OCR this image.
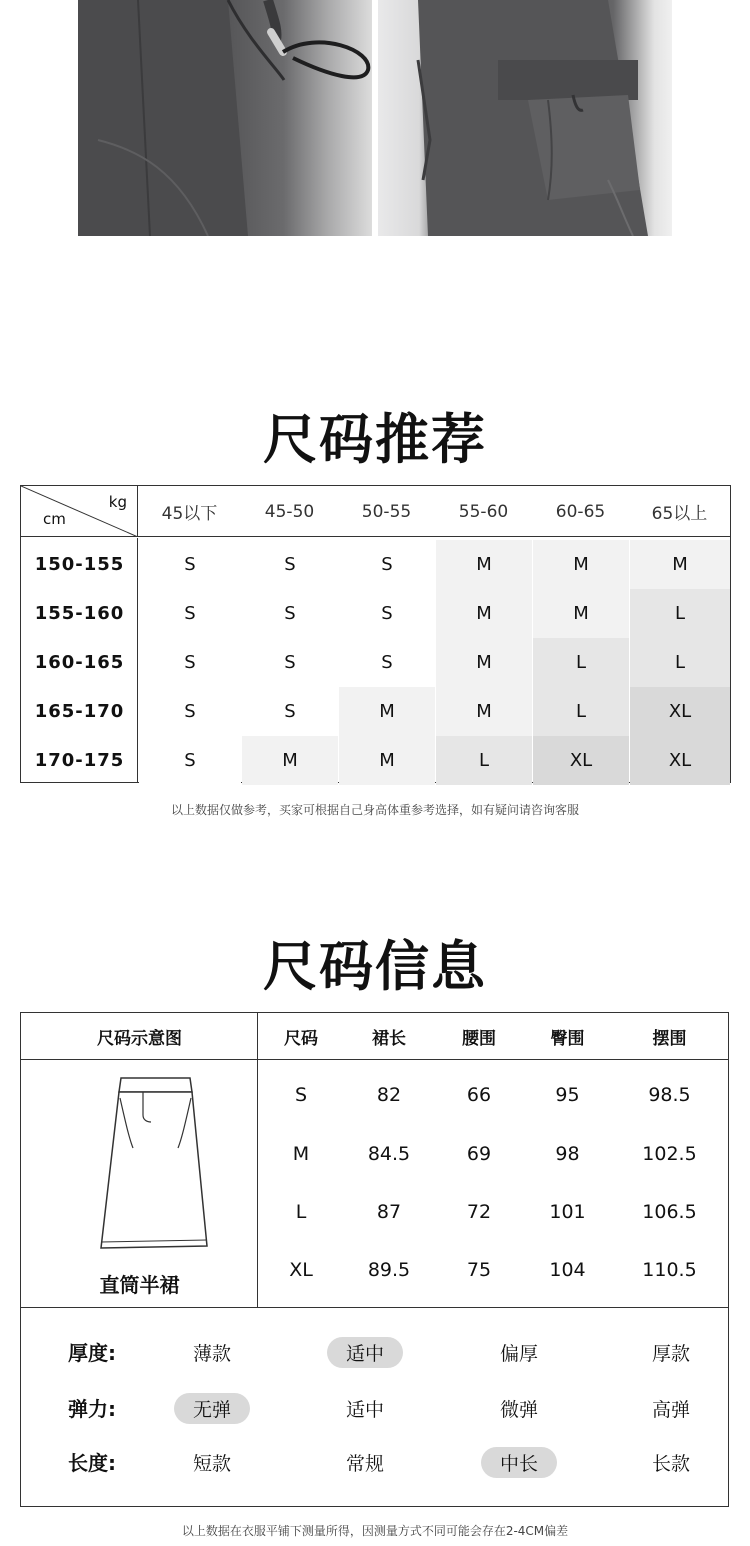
尺码推荐
kg
cm	45以下	45-50	50-55	55-60	60-65	65以上
150-155	S	S	S	M	M	M
155-160	S	S	S	M	M	L
160-165	S	S	S	M	L	L
165-170	S	S	M	M	L	XL
170-175	S	M	M	L	XL	XL
以上数据仅做参考，买家可根据自己身高体重参考选择，如有疑问请咨询客服
尺码信息
尺码示意图
直筒半裙
尺码	裙长	腰围	臀围	摆围
S	82	66	95	98.5
M	84.5	69	98	102.5
L	87	72	101	106.5
XL	89.5	75	104	110.5
厚度:	薄款	适中	偏厚	厚款
弹力:	无弹	适中	微弹	高弹
长度:	短款	常规	中长	长款
以上数据在衣服平铺下测量所得，因测量方式不同可能会存在2-4CM偏差
